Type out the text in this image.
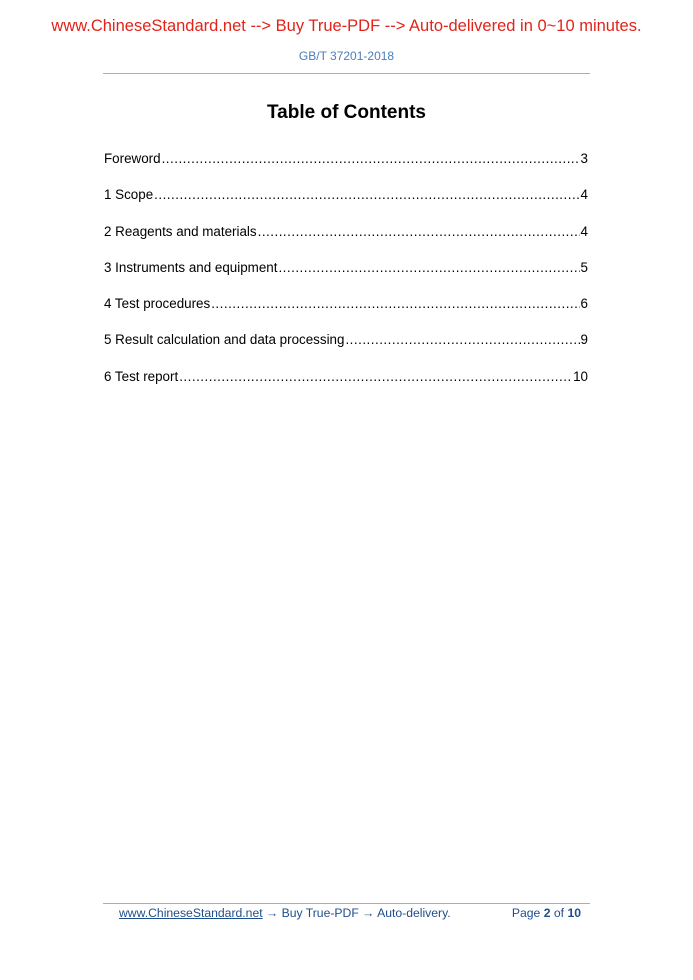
www.ChineseStandard.net --> Buy True-PDF --> Auto-delivered in 0~10 minutes.
GB/T 37201-2018
Table of Contents
Foreword .....	3
1 Scope .....	4
2 Reagents and materials .....	4
3 Instruments and equipment .....	5
4 Test procedures .....	6
5 Result calculation and data processing .....	9
6 Test report .....	10
www.ChineseStandard.net → Buy True-PDF → Auto-delivery.	Page 2 of 10
